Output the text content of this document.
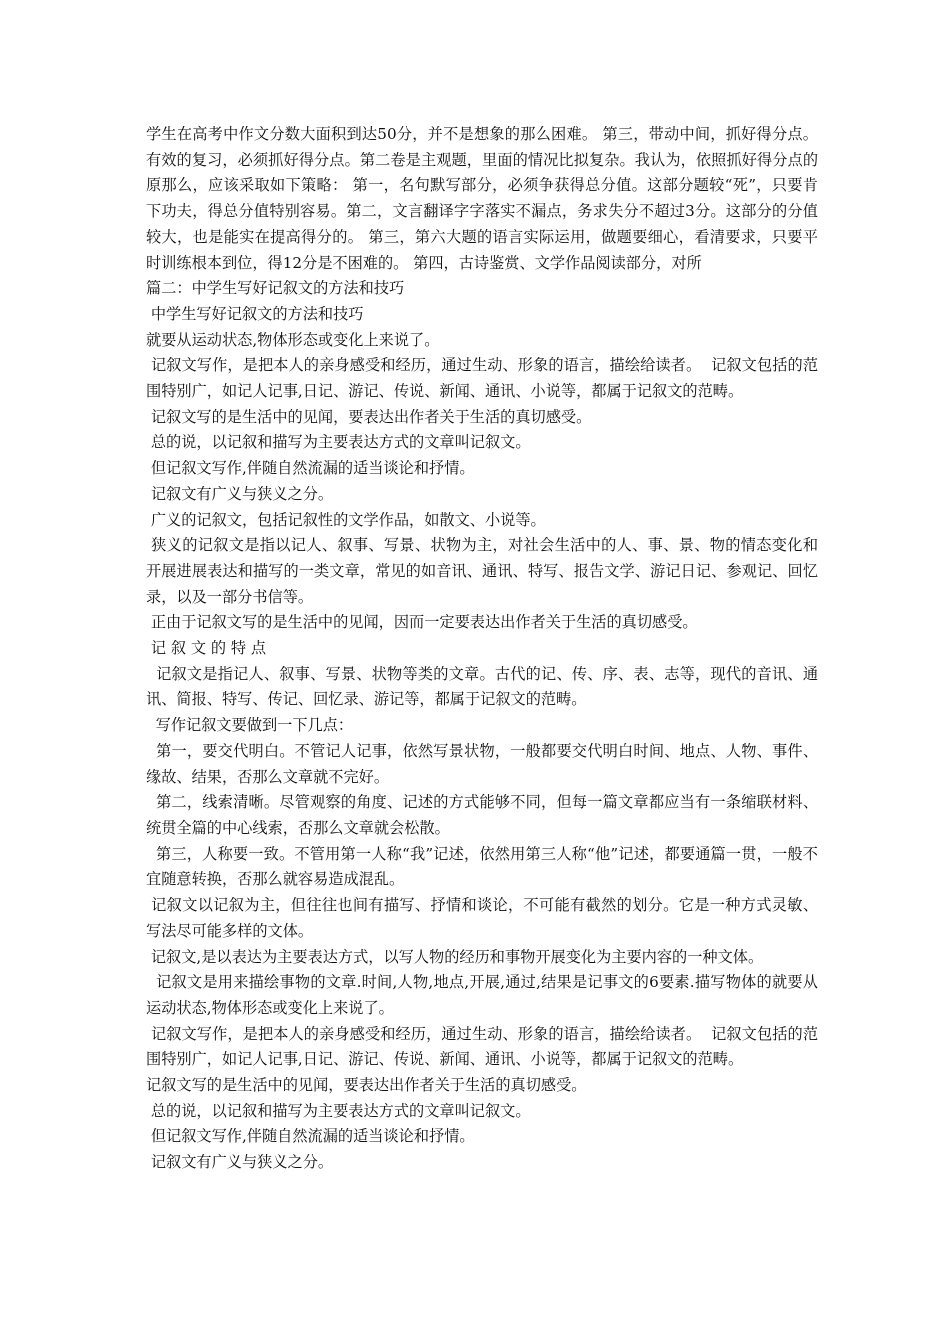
学生在高考中作文分数大面积到达50分，并不是想象的那么困难。 第三，带动中间，抓好得分点。 有效的复习，必须抓好得分点。第二卷是主观题，里面的情况比拟复杂。我认为，依照抓好得分点的原那么，应该采取如下策略： 第一，名句默写部分，必须争获得总分值。这部分题较“死”，只要肯下功夫，得总分值特别容易。第二，文言翻译字字落实不漏点，务求失分不超过3分。这部分的分值较大，也是能实在提高得分的。 第三，第六大题的语言实际运用，做题要细心，看清要求，只要平时训练根本到位，得12分是不困难的。 第四，古诗鉴赏、文学作品阅读部分，对所

篇二：中学生写好记叙文的方法和技巧

中学生写好记叙文的方法和技巧

就要从运动状态,物体形态或变化上来说了。

记叙文写作，是把本人的亲身感受和经历，通过生动、形象的语言，描绘给读者。  记叙文包括的范围特别广，如记人记事,日记、游记、传说、新闻、通讯、小说等，都属于记叙文的范畴。

记叙文写的是生活中的见闻，要表达出作者关于生活的真切感受。

总的说，以记叙和描写为主要表达方式的文章叫记叙文。

但记叙文写作,伴随自然流漏的适当谈论和抒情。

记叙文有广义与狭义之分。

广义的记叙文，包括记叙性的文学作品，如散文、小说等。

狭义的记叙文是指以记人、叙事、写景、状物为主，对社会生活中的人、事、景、物的情态变化和开展进展表达和描写的一类文章，常见的如音讯、通讯、特写、报告文学、游记日记、参观记、回忆录，以及一部分书信等。

正由于记叙文写的是生活中的见闻，因而一定要表达出作者关于生活的真切感受。

记 叙 文 的 特 点

记叙文是指记人、叙事、写景、状物等类的文章。古代的记、传、序、表、志等，现代的音讯、通讯、简报、特写、传记、回忆录、游记等，都属于记叙文的范畴。

写作记叙文要做到一下几点：

第一，要交代明白。不管记人记事，依然写景状物，一般都要交代明白时间、地点、人物、事件、缘故、结果，否那么文章就不完好。

第二，线索清晰。尽管观察的角度、记述的方式能够不同，但每一篇文章都应当有一条缩联材料、统贯全篇的中心线索，否那么文章就会松散。

第三，人称要一致。不管用第一人称“我”记述，依然用第三人称“他”记述，都要通篇一贯，一般不宜随意转换，否那么就容易造成混乱。

记叙文以记叙为主，但往往也间有描写、抒情和谈论，不可能有截然的划分。它是一种方式灵敏、写法尽可能多样的文体。

记叙文,是以表达为主要表达方式，以写人物的经历和事物开展变化为主要内容的一种文体。

记叙文是用来描绘事物的文章.时间,人物,地点,开展,通过,结果是记事文的6要素.描写物体的就要从运动状态,物体形态或变化上来说了。

记叙文写作，是把本人的亲身感受和经历，通过生动、形象的语言，描绘给读者。  记叙文包括的范围特别广，如记人记事,日记、游记、传说、新闻、通讯、小说等，都属于记叙文的范畴。

记叙文写的是生活中的见闻，要表达出作者关于生活的真切感受。

总的说，以记叙和描写为主要表达方式的文章叫记叙文。

但记叙文写作,伴随自然流漏的适当谈论和抒情。

记叙文有广义与狭义之分。
